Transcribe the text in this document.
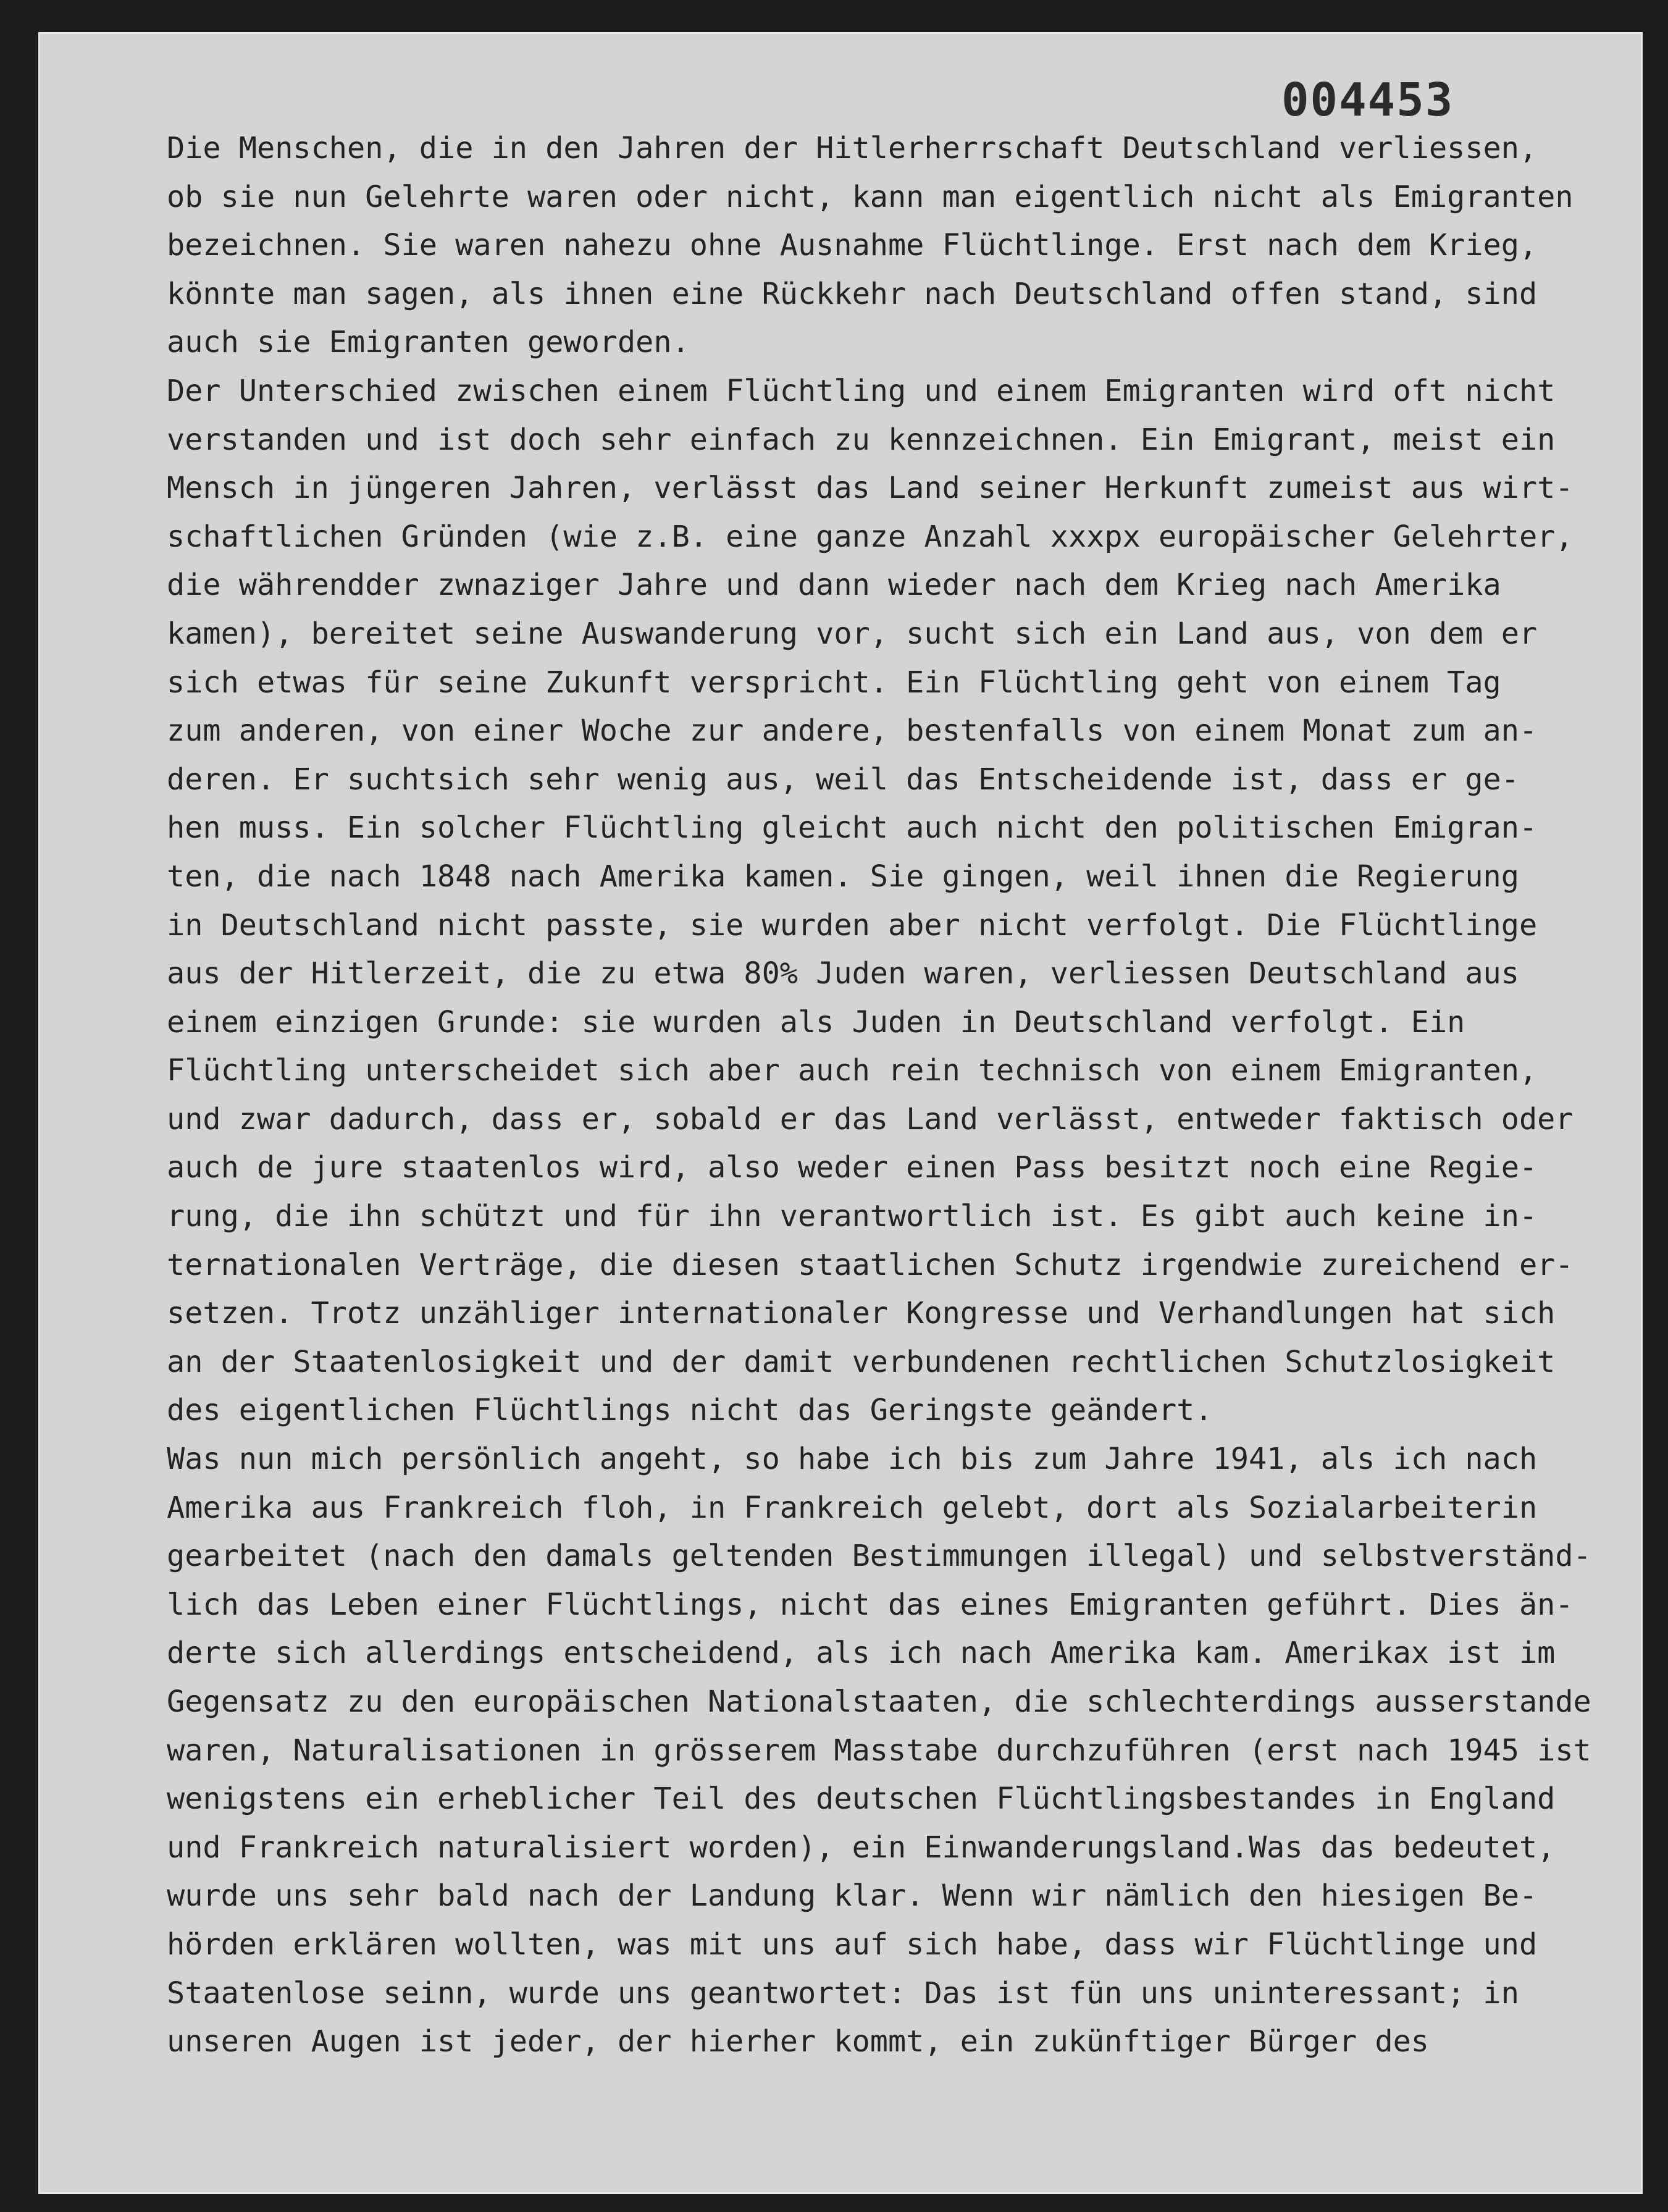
004453
Die Menschen, die in den Jahren der Hitlerherrschaft Deutschland verliessen,
ob sie nun Gelehrte waren oder nicht, kann man eigentlich nicht als Emigranten
bezeichnen. Sie waren nahezu ohne Ausnahme Flüchtlinge. Erst nach dem Krieg,
könnte man sagen, als ihnen eine Rückkehr nach Deutschland offen stand, sind
auch sie Emigranten geworden.
Der Unterschied zwischen einem Flüchtling und einem Emigranten wird oft nicht
verstanden und ist doch sehr einfach zu kennzeichnen. Ein Emigrant, meist ein
Mensch in jüngeren Jahren, verlässt das Land seiner Herkunft zumeist aus wirt-
schaftlichen Gründen (wie z.B. eine ganze Anzahl xxxpx europäischer Gelehrter,
die währendder zwnaziger Jahre und dann wieder nach dem Krieg nach Amerika
kamen), bereitet seine Auswanderung vor, sucht sich ein Land aus, von dem er
sich etwas für seine Zukunft verspricht. Ein Flüchtling geht von einem Tag
zum anderen, von einer Woche zur andere, bestenfalls von einem Monat zum an-
deren. Er suchtsich sehr wenig aus, weil das Entscheidende ist, dass er ge-
hen muss. Ein solcher Flüchtling gleicht auch nicht den politischen Emigran-
ten, die nach 1848 nach Amerika kamen. Sie gingen, weil ihnen die Regierung
in Deutschland nicht passte, sie wurden aber nicht verfolgt. Die Flüchtlinge
aus der Hitlerzeit, die zu etwa 80% Juden waren, verliessen Deutschland aus
einem einzigen Grunde: sie wurden als Juden in Deutschland verfolgt. Ein
Flüchtling unterscheidet sich aber auch rein technisch von einem Emigranten,
und zwar dadurch, dass er, sobald er das Land verlässt, entweder faktisch oder
auch de jure staatenlos wird, also weder einen Pass besitzt noch eine Regie-
rung, die ihn schützt und für ihn verantwortlich ist. Es gibt auch keine in-
ternationalen Verträge, die diesen staatlichen Schutz irgendwie zureichend er-
setzen. Trotz unzähliger internationaler Kongresse und Verhandlungen hat sich
an der Staatenlosigkeit und der damit verbundenen rechtlichen Schutzlosigkeit
des eigentlichen Flüchtlings nicht das Geringste geändert.
Was nun mich persönlich angeht, so habe ich bis zum Jahre 1941, als ich nach
Amerika aus Frankreich floh, in Frankreich gelebt, dort als Sozialarbeiterin
gearbeitet (nach den damals geltenden Bestimmungen illegal) und selbstverständ-
lich das Leben einer Flüchtlings, nicht das eines Emigranten geführt. Dies än-
derte sich allerdings entscheidend, als ich nach Amerika kam. Amerikax ist im
Gegensatz zu den europäischen Nationalstaaten, die schlechterdings ausserstande
waren, Naturalisationen in grösserem Masstabe durchzuführen (erst nach 1945 ist
wenigstens ein erheblicher Teil des deutschen Flüchtlingsbestandes in England
und Frankreich naturalisiert worden), ein Einwanderungsland.Was das bedeutet,
wurde uns sehr bald nach der Landung klar. Wenn wir nämlich den hiesigen Be-
hörden erklären wollten, was mit uns auf sich habe, dass wir Flüchtlinge und
Staatenlose seinn, wurde uns geantwortet: Das ist fün uns uninteressant; in
unseren Augen ist jeder, der hierher kommt, ein zukünftiger Bürger des
